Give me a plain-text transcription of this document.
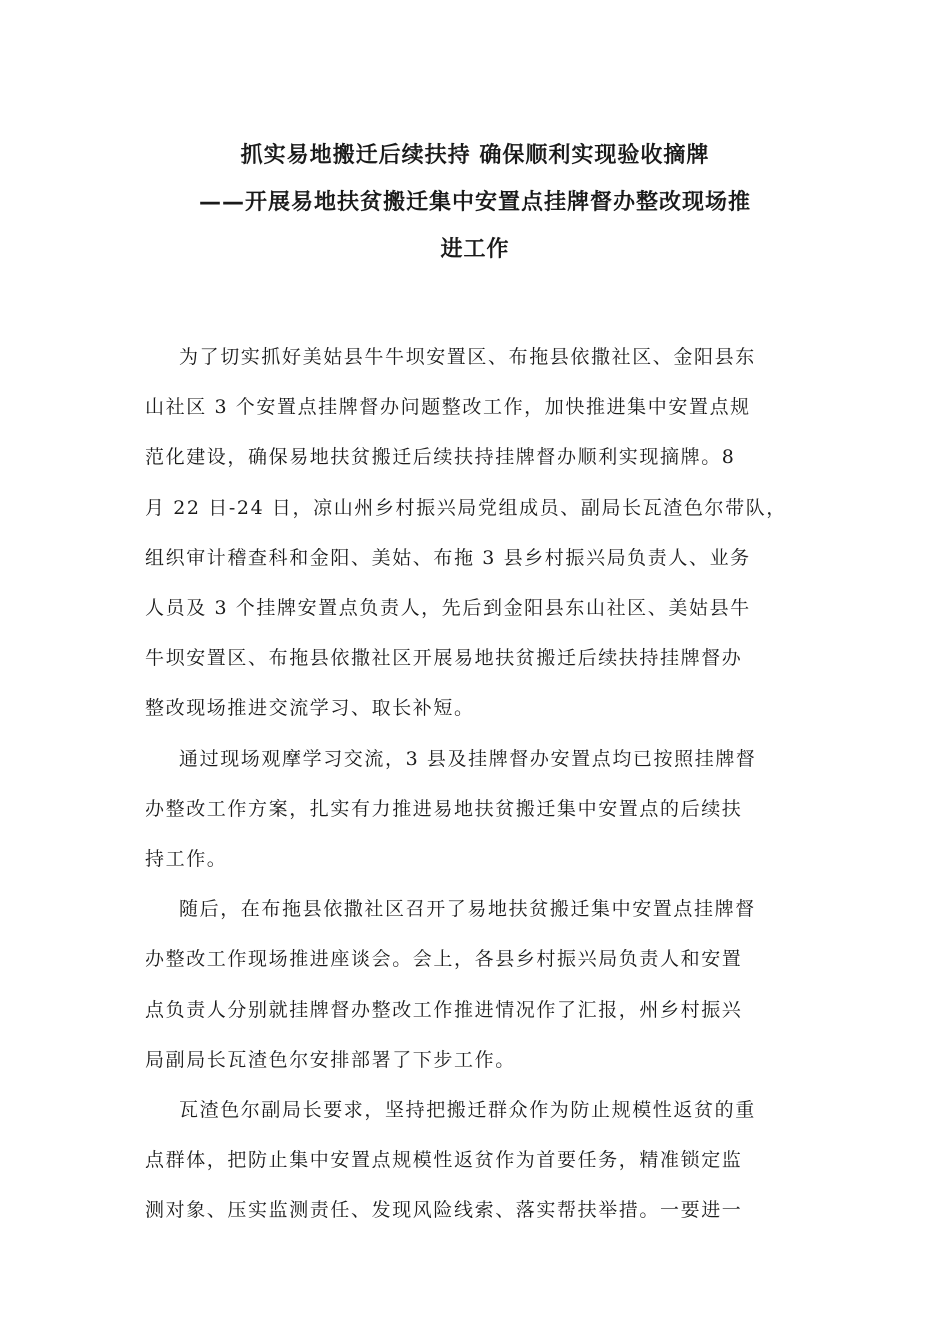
抓实易地搬迁后续扶持 确保顺利实现验收摘牌
——开展易地扶贫搬迁集中安置点挂牌督办整改现场推
进工作
为了切实抓好美姑县牛牛坝安置区、布拖县依撒社区、金阳县东
山社区 3 个安置点挂牌督办问题整改工作，加快推进集中安置点规
范化建设，确保易地扶贫搬迁后续扶持挂牌督办顺利实现摘牌。8
月 22 日-24 日，凉山州乡村振兴局党组成员、副局长瓦渣色尔带队，
组织审计稽查科和金阳、美姑、布拖 3 县乡村振兴局负责人、业务
人员及 3 个挂牌安置点负责人，先后到金阳县东山社区、美姑县牛
牛坝安置区、布拖县依撒社区开展易地扶贫搬迁后续扶持挂牌督办
整改现场推进交流学习、取长补短。
通过现场观摩学习交流，3 县及挂牌督办安置点均已按照挂牌督
办整改工作方案，扎实有力推进易地扶贫搬迁集中安置点的后续扶
持工作。
随后，在布拖县依撒社区召开了易地扶贫搬迁集中安置点挂牌督
办整改工作现场推进座谈会。会上，各县乡村振兴局负责人和安置
点负责人分别就挂牌督办整改工作推进情况作了汇报，州乡村振兴
局副局长瓦渣色尔安排部署了下步工作。
瓦渣色尔副局长要求，坚持把搬迁群众作为防止规模性返贫的重
点群体，把防止集中安置点规模性返贫作为首要任务，精准锁定监
测对象、压实监测责任、发现风险线索、落实帮扶举措。一要进一
